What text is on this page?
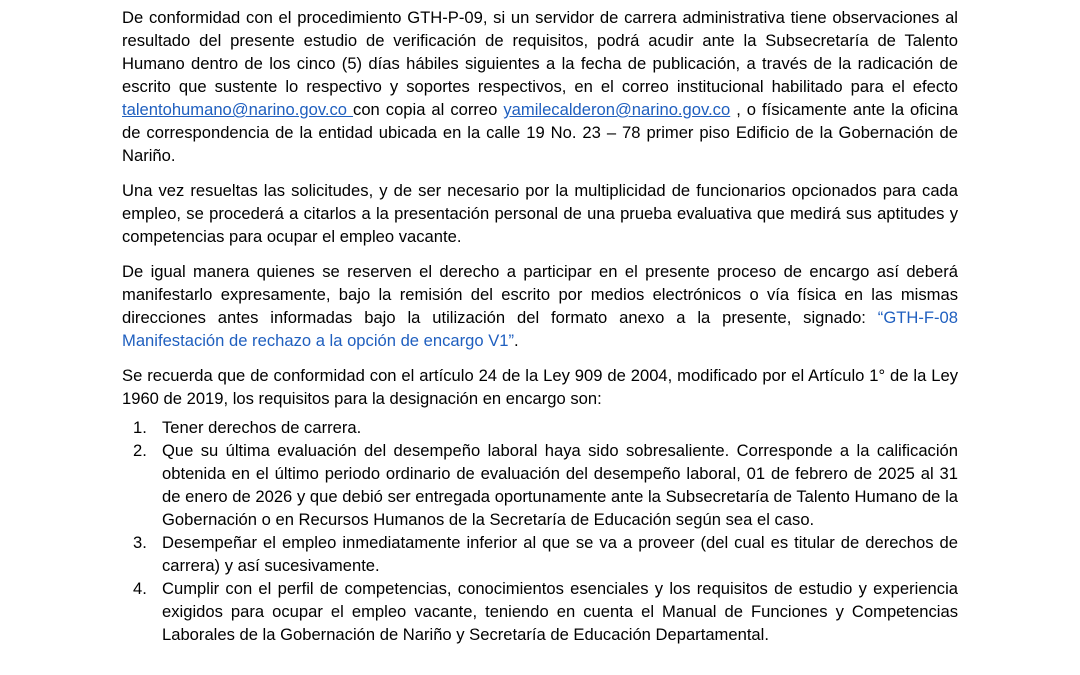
De conformidad con el procedimiento GTH-P-09, si un servidor de carrera administrativa tiene observaciones al resultado del presente estudio de verificación de requisitos, podrá acudir ante la Subsecretaría de Talento Humano dentro de los cinco (5) días hábiles siguientes a la fecha de publicación, a través de la radicación de escrito que sustente lo respectivo y soportes respectivos, en el correo institucional habilitado para el efecto talentohumano@narino.gov.co con copia al correo yamilecalderon@narino.gov.co , o físicamente ante la oficina de correspondencia de la entidad ubicada en la calle 19 No. 23 – 78 primer piso Edificio de la Gobernación de Nariño.

Una vez resueltas las solicitudes, y de ser necesario por la multiplicidad de funcionarios opcionados para cada empleo, se procederá a citarlos a la presentación personal de una prueba evaluativa que medirá sus aptitudes y competencias para ocupar el empleo vacante.

De igual manera quienes se reserven el derecho a participar en el presente proceso de encargo así deberá manifestarlo expresamente, bajo la remisión del escrito por medios electrónicos o vía física en las mismas direcciones antes informadas bajo la utilización del formato anexo a la presente, signado: “GTH-F-08 Manifestación de rechazo a la opción de encargo V1”.

Se recuerda que de conformidad con el artículo 24 de la Ley 909 de 2004, modificado por el Artículo 1° de la Ley 1960 de 2019, los requisitos para la designación en encargo son:

1. Tener derechos de carrera.
2. Que su última evaluación del desempeño laboral haya sido sobresaliente. Corresponde a la calificación obtenida en el último periodo ordinario de evaluación del desempeño laboral, 01 de febrero de 2025 al 31 de enero de 2026 y que debió ser entregada oportunamente ante la Subsecretaría de Talento Humano de la Gobernación o en Recursos Humanos de la Secretaría de Educación según sea el caso.
3. Desempeñar el empleo inmediatamente inferior al que se va a proveer (del cual es titular de derechos de carrera) y así sucesivamente.
4. Cumplir con el perfil de competencias, conocimientos esenciales y los requisitos de estudio y experiencia exigidos para ocupar el empleo vacante, teniendo en cuenta el Manual de Funciones y Competencias Laborales de la Gobernación de Nariño y Secretaría de Educación Departamental.
